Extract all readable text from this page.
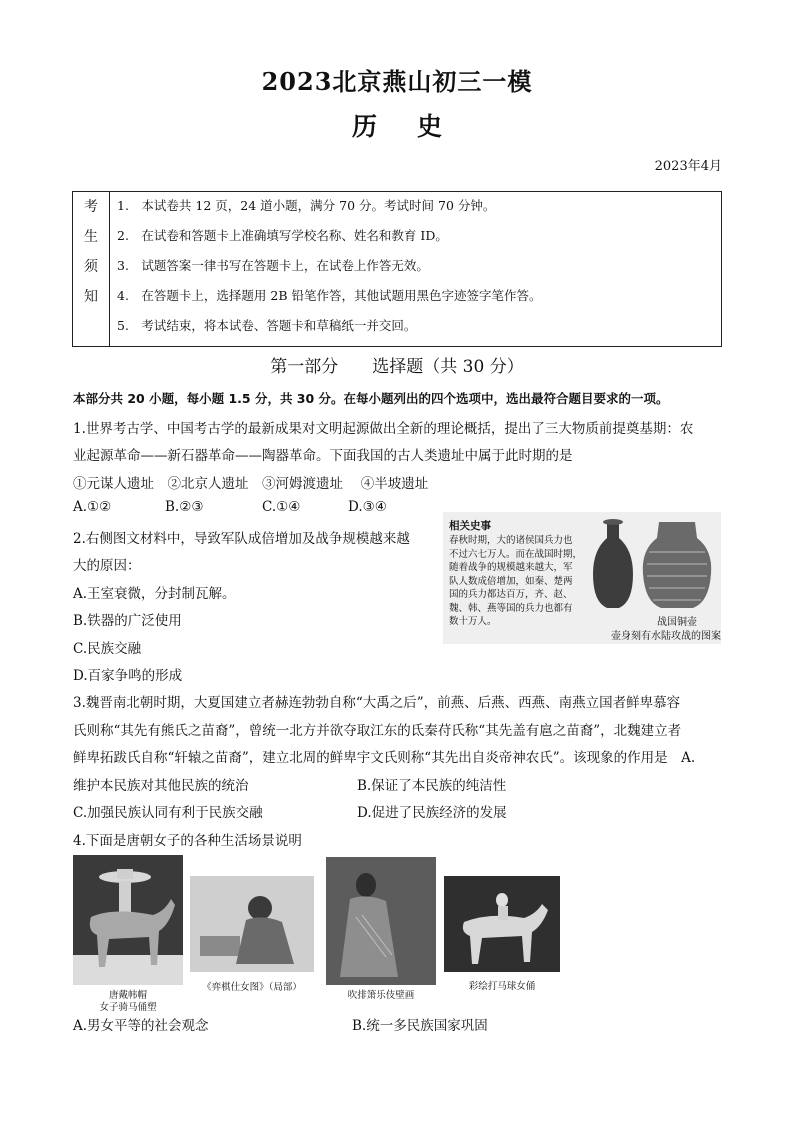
2023北京燕山初三一模
历史
2023年4月
考
生
须
知
1.　本试卷共 12 页，24 道小题，满分 70 分。考试时间 70 分钟。
2.　在试卷和答题卡上准确填写学校名称、姓名和教育 ID。
3.　试题答案一律书写在答题卡上，在试卷上作答无效。
4.　在答题卡上，选择题用 2B 铅笔作答，其他试题用黑色字迹签字笔作答。
5.　考试结束，将本试卷、答题卡和草稿纸一并交回。
第一部分　　选择题（共 30 分）
本部分共 20 小题，每小题 1.5 分，共 30 分。在每小题列出的四个选项中，选出最符合题目要求的一项。
1.世界考古学、中国考古学的最新成果对文明起源做出全新的理论概括，提出了三大物质前提奠基期：农
业起源革命——新石器革命——陶器革命。下面我国的古人类遗址中属于此时期的是
①元谋人遗址　②北京人遗址　③河姆渡遗址　 ④半坡遗址
A.①②	B.②③	C.①④	D.③④
2.右侧图文材料中，导致军队成倍增加及战争规模越来越
大的原因：
A.王室衰微，分封制瓦解。
B.铁器的广泛使用
C.民族交融
D.百家争鸣的形成
相关史事
春秋时期，大的诸侯国兵力也
不过六七万人。而在战国时期，
随着战争的规模越来越大，军
队人数成倍增加，如秦、楚两
国的兵力都达百万，齐、赵、
魏、韩、燕等国的兵力也都有
数十万人。	战国铜壶
壶身刻有水陆攻战的图案
3.魏晋南北朝时期，大夏国建立者赫连勃勃自称“大禹之后”，前燕、后燕、西燕、南燕立国者鲜卑慕容
氏则称“其先有熊氏之苗裔”，曾统一北方并欲夺取江东的氐秦苻氏称“其先盖有扈之苗裔”，北魏建立者
鲜卑拓跋氏自称“轩辕之苗裔”，建立北周的鲜卑宇文氏则称“其先出自炎帝神农氏”。该现象的作用是　A.
维护本民族对其他民族的统治	B.保证了本民族的纯洁性
C.加强民族认同有利于民族交融	D.促进了民族经济的发展
4.下面是唐朝女子的各种生活场景说明
唐戴帏帽
女子骑马俑塑
《弈棋仕女图》（局部）
吹排箫乐伎壁画
彩绘打马球女俑
A.男女平等的社会观念	B.统一多民族国家巩固
